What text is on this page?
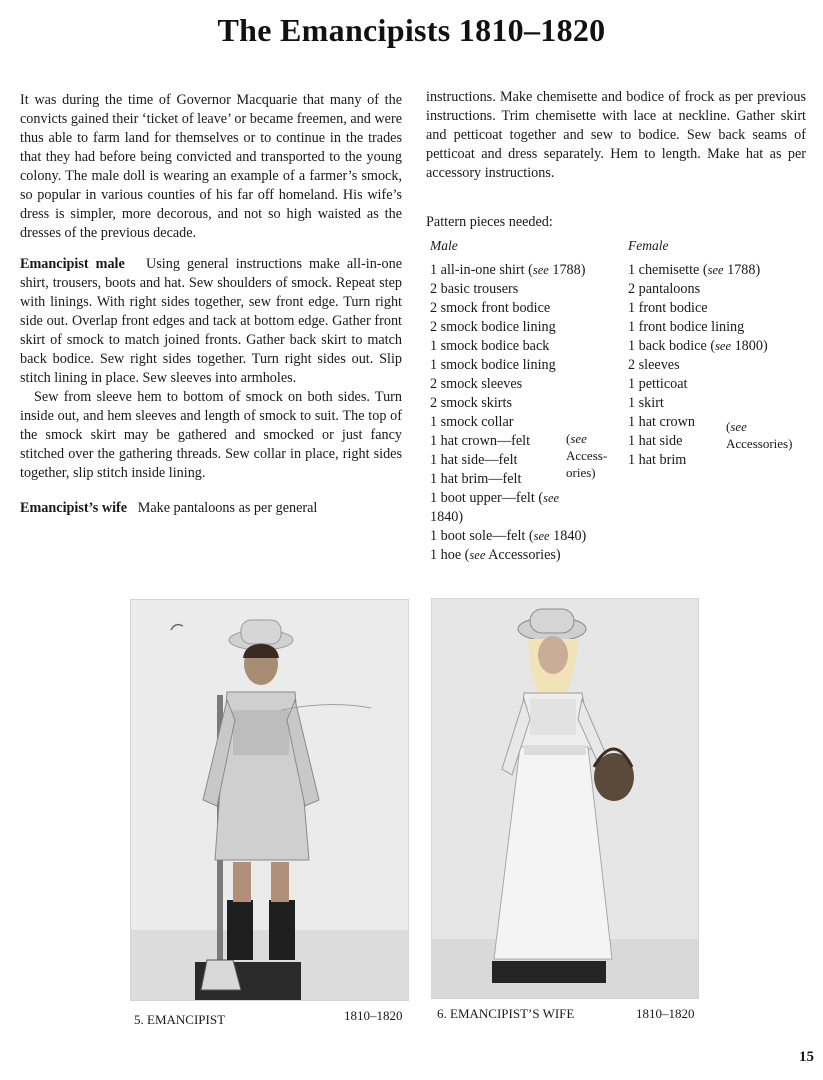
The Emancipists 1810–1820

It was during the time of Governor Macquarie that many of the convicts gained their ‘ticket of leave’ or became freemen, and were thus able to farm land for themselves or to continue in the trades that they had before being convicted and transported to the young colony. The male doll is wearing an example of a farmer’s smock, so popular in various counties of his far off homeland. His wife’s dress is simpler, more decorous, and not so high waisted as the dresses of the previous decade.

Emancipist male Using general instructions make all-in-one shirt, trousers, boots and hat. Sew shoulders of smock. Repeat step with linings. With right sides together, sew front edge. Turn right side out. Overlap front edges and tack at bottom edge. Gather front skirt of smock to match joined fronts. Gather back skirt to match back bodice. Sew right sides together. Turn right sides out. Slip stitch lining in place. Sew sleeves into armholes.

Sew from sleeve hem to bottom of smock on both sides. Turn inside out, and hem sleeves and length of smock to suit. The top of the smock skirt may be gathered and smocked or just fancy stitched over the gathering threads. Sew collar in place, right sides together, slip stitch inside lining.

Emancipist’s wife Make pantaloons as per general

instructions. Make chemisette and bodice of frock as per previous instructions. Trim chemisette with lace at neckline. Gather skirt and petticoat together and sew to bodice. Sew back seams of petticoat and dress separately. Hem to length. Make hat as per accessory instructions.

Pattern pieces needed:
Male
1 all-in-one shirt (see 1788)
2 basic trousers
2 smock front bodice
2 smock bodice lining
1 smock bodice back
1 smock bodice lining
2 smock sleeves
2 smock skirts
1 smock collar
1 hat crown—felt
1 hat side—felt
1 hat brim—felt
1 boot upper—felt (see
1840)
1 boot sole—felt (see 1840)
1 hoe (see Accessories)
(see
Access-
ories)
Female
1 chemisette (see 1788)
2 pantaloons
1 front bodice
1 front bodice lining
1 back bodice (see 1800)
2 sleeves
1 petticoat
1 skirt
1 hat crown
1 hat side
1 hat brim
(see
Accessories)
5. EMANCIPIST	1810–1820	6. EMANCIPIST’S WIFE	1810–1820
15
